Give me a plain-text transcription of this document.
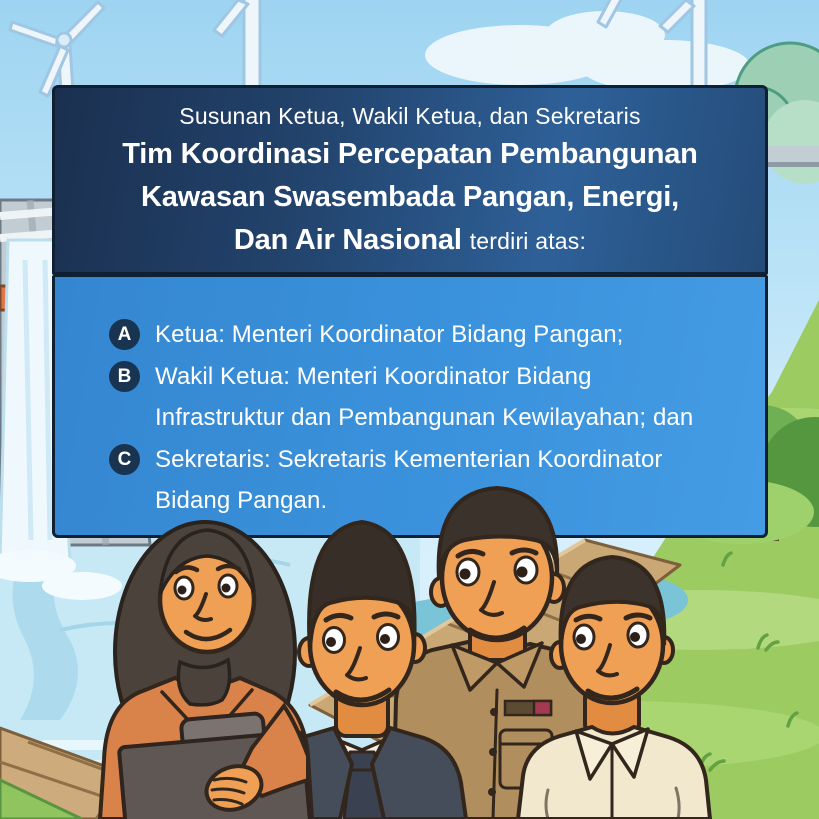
Susunan Ketua, Wakil Ketua, dan Sekretaris

Tim Koordinasi Percepatan Pembangunan
Kawasan Swasembada Pangan, Energi,
Dan Air Nasional terdiri atas:
A Ketua: Menteri Koordinator Bidang Pangan;
B Wakil Ketua: Menteri Koordinator Bidang
Infrastruktur dan Pembangunan Kewilayahan; dan
C Sekretaris: Sekretaris Kementerian Koordinator
Bidang Pangan.
